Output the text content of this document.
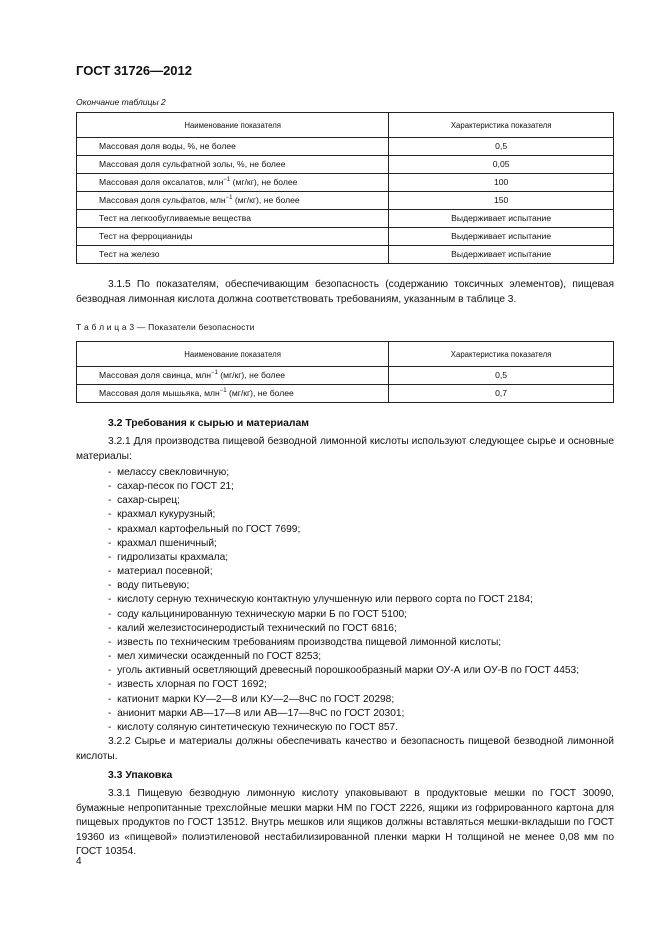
ГОСТ 31726—2012
Окончание таблицы 2
Наименование показателя	Характеристика показателя
Массовая доля воды, %, не более	0,5
Массовая доля сульфатной золы, %, не более	0,05
Массовая доля оксалатов, млн$^{-1}$ (мг/кг), не более	100
Массовая доля сульфатов, млн$^{-1}$ (мг/кг), не более	150
Тест на легкообугливаемые вещества	Выдерживает испытание
Тест на ферроцианиды	Выдерживает испытание
Тест на железо	Выдерживает испытание
3.1.5 По показателям, обеспечивающим безопасность (содержанию токсичных элементов), пищевая безводная лимонная кислота должна соответствовать требованиям, указанным в таблице 3.
Т а б л и ц а 3 — Показатели безопасности
Наименование показателя	Характеристика показателя
Массовая доля свинца, млн$^{-1}$ (мг/кг), не более	0,5
Массовая доля мышьяка, млн$^{-1}$ (мг/кг), не более	0,7
3.2 Требования к сырью и материалам
3.2.1 Для производства пищевой безводной лимонной кислоты используют следующее сырье и основные материалы:
-  мелассу свекловичную;
-  сахар-песок по ГОСТ 21;
-  сахар-сырец;
-  крахмал кукурузный;
-  крахмал картофельный по ГОСТ 7699;
-  крахмал пшеничный;
-  гидролизаты крахмала;
-  материал посевной;
-  воду питьевую;
-  кислоту серную техническую контактную улучшенную или первого сорта по ГОСТ 2184;
-  соду кальцинированную техническую марки Б по ГОСТ 5100;
-  калий железистосинеродистый технический по ГОСТ 6816;
-  известь по техническим требованиям производства пищевой лимонной кислоты;
-  мел химически осажденный по ГОСТ 8253;
-  уголь активный осветляющий древесный порошкообразный марки ОУ-А или ОУ-В по ГОСТ 4453;
-  известь хлорная по ГОСТ 1692;
-  катионит марки КУ—2—8 или КУ—2—8чС по ГОСТ 20298;
-  анионит марки АВ—17—8 или АВ—17—8чС по ГОСТ 20301;
-  кислоту соляную синтетическую техническую по ГОСТ 857.
3.2.2 Сырье и материалы должны обеспечивать качество и безопасность пищевой безводной лимонной кислоты.
3.3 Упаковка
3.3.1 Пищевую безводную лимонную кислоту упаковывают в продуктовые мешки по ГОСТ 30090, бумажные непропитанные трехслойные мешки марки НМ по ГОСТ 2226, ящики из гофрированного картона для пищевых продуктов по ГОСТ 13512. Внутрь мешков или ящиков должны вставляться мешки-вкладыши по ГОСТ 19360 из «пищевой» полиэтиленовой нестабилизированной пленки марки Н толщиной не менее 0,08 мм по ГОСТ 10354.
4
